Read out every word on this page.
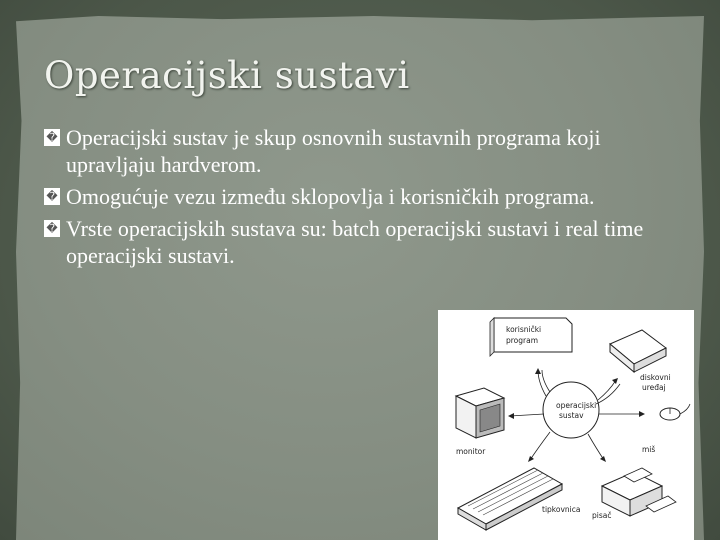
Operacijski sustavi
� Operacijski sustav je skup osnovnih sustavnih programa koji upravljaju hardverom.
� Omogućuje vezu između sklopovlja i korisničkih programa.
� Vrste operacijskih sustava su: batch operacijski sustavi i real time operacijski sustavi.
operacijski
sustav
korisnički
program
diskovni
uređaj
miš
monitor
tipkovnica
pisač
